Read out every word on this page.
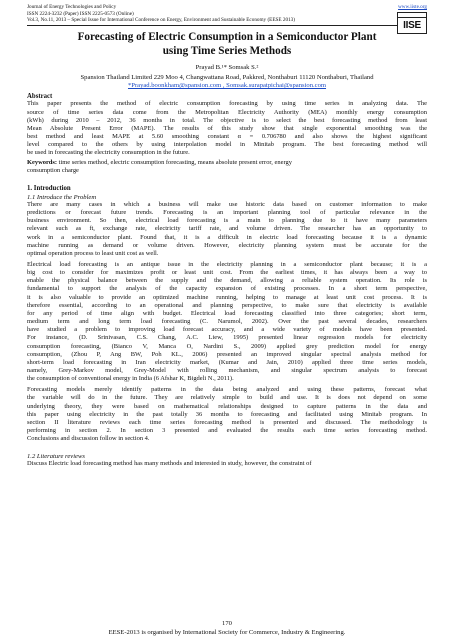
Journal of Energy Technologies and Policy	www.iiste.org
ISSN 2224-3232 (Paper) ISSN 2225-0573 (Online)
Vol.3, No.11, 2013 – Special Issue for International Conference on Energy, Environment and Sustainable Economy (EESE 2013)	IISE
Forecasting of Electric Consumption in a Semiconductor Plant
using Time Series Methods
Prayad B.¹* Somsak S.²
Spansion Thailand Limited 229 Moo 4, Changwattana Road, Pakkred, Nonthaburi 11120 Nonthaburi, Thailand
*Prayad.boonkham@spansion.com , Somsak.surapatpichai@spansion.com
Abstract
This paper presents the method of electric consumption forecasting by using time series in analyzing data. The
source of time series data come from the Metropolitan Electricity Authority (MEA) monthly energy consumption
(kWh) during 2010 – 2012, 36 months in total. The objective is to select the best forecasting method from least
Mean Absolute Present Error (MAPE). The results of this study show that single exponential smoothing was the
best method and least MAPE at 5.60 smoothing constant α = 0.706780 and also shows the highest significant
level compared to the others by using interpolation model in Minitab program. The best forecasting method will
be used in forecasting the electricity consumption in the future.
Keywords: time series method, electric consumption forecasting, means absolute present error, energy
consumption charge
1. Introduction
1.1 Introduce the Problem
There are many cases in which a business will make use historic data based on customer information to make
predictions or forecast future trends. Forecasting is an important planning tool of particular relevance in the
business environment. So then, electrical load forecasting is a main to planning due to it have many parameters
relevant such as ft, exchange rate, electricity tariff rate, and volume driven. The researcher has an opportunity to
work in a semiconductor plant. Found that, it is a difficult in electric load forecasting because it is a dynamic
machine running as demand or volume driven. However, electricity planning system must be accurate for the
optimal operation process to least unit cost as well.
Electrical load forecasting is an antique issue in the electricity planning in a semiconductor plant because; it is a
big cost to consider for maximizes profit or least unit cost. From the earliest times, it has always been a way to
enable the physical balance between the supply and the demand, allowing a reliable system operation. Its role is
fundamental to support the analysis of the capacity expansion of existing processes. In a short term perspective,
it is also valuable to provide an optimized machine running, helping to manage at least unit cost process. It is
therefore essential, according to an operational and planning perspective, to make sure that electricity is available
for any period of time align with budget. Electrical load forecasting classified into three categories; short term,
medium term and long term load forecasting (C. Narumol, 2002). Over the past several decades, researchers
have studied a problem to improving load forecast accuracy, and a wide variety of models have been presented.
For instance, (D. Srinivasan, C.S. Chang, A.C. Liew, 1995) presented linear regression models for electricity
consumption forecasting, (Bianco V, Manca O, Nardini S., 2009) applied grey prediction model for energy
consumption, (Zhou P, Ang BW, Poh KL., 2006) presented an improved singular spectral analysis method for
short-term load forecasting in Iran electricity market, (Kumar and Jain, 2010) applied three time series models,
namely, Grey-Markov model, Grey-Model with rolling mechanism, and singular spectrum analysis to forecast
the consumption of conventional energy in India (6 Afshar K, Bigdeli N., 2011).
Forecasting models merely identify patterns in the data being analyzed and using these patterns, forecast what
the variable will do in the future. They are relatively simple to build and use. It is does not depend on some
underlying theory, they were based on mathematical relationships designed to capture patterns in the data and
this paper using electricity in the past totally 36 months to forecasting and facilitated using Minitab program. In
section II literature reviews each time series forecasting method is presented and discussed. The methodology is
performing in section 2. In section 3 presented and evaluated the results each time series forecasting method.
Conclusions and discussion follow in section 4.
1.2 Literature reviews
Discuss Electric load forecasting method has many methods and interested in study, however, the constraint of
170
EESE-2013 is organised by International Society for Commerce, Industry & Engineering.
